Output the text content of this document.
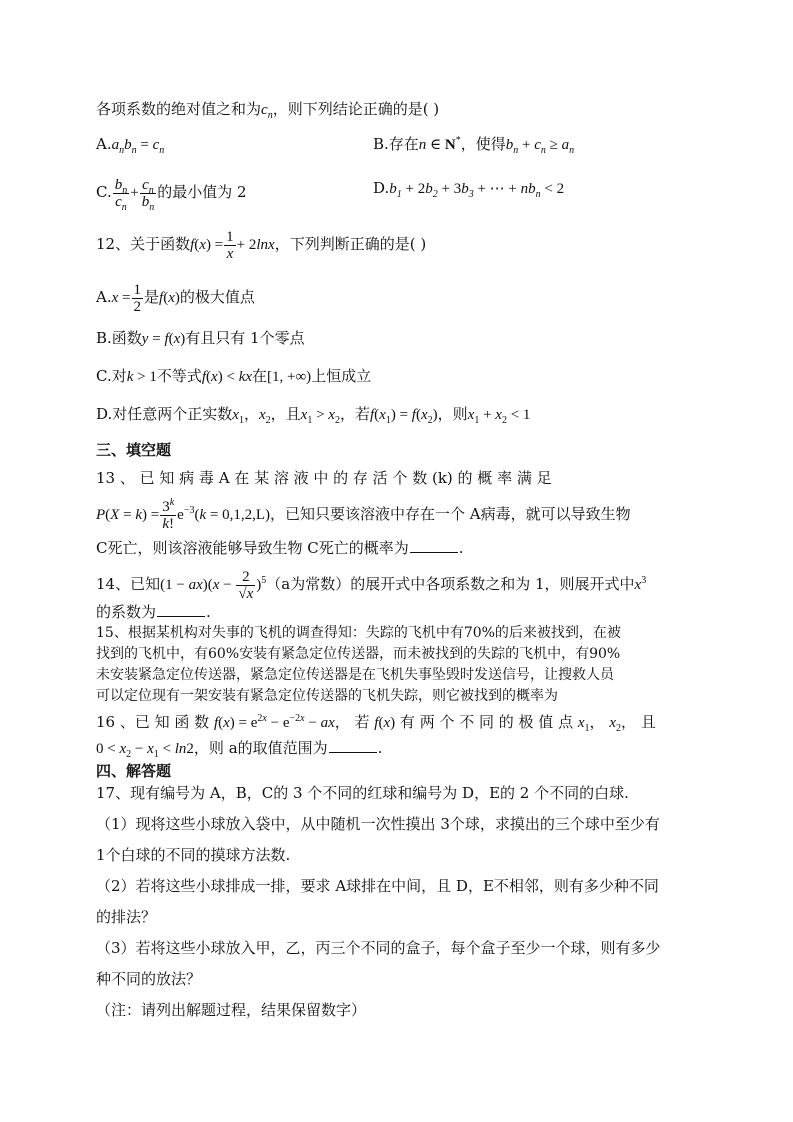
各项系数的绝对值之和为$c_n$，则下列结论正确的是( )
$A.a_nb_n = c_n$	B.存在n ∈ N*，使得$b_n + c_n \ge a_n$
C. $\frac{b_n}{c_n} + \frac{c_n}{b_n}$ 的最小值为 2	$D.b_1 + 2b_2 + 3b_3$ + ⋯ + $nb_n < 2$
12、关于函数$f(x) = \frac{1}{x} + 2\ln x$，下列判断正确的是( )
$A.x = \frac{1}{2}$ 是f(x)的极大值点
B.函数y = f(x)有且只有 1个零点
C.对k > 1不等式f(x) < kx在[1, +∞)上恒成立
D.对任意两个正实数$x_1$，$x_2$，且$x_1 > x_2$，若$f(x_1) = f(x_2)$，则$x_1 + x_2 < 1$
三、填空题
13 、 已 知 病 毒 A 在 某 溶 液 中 的 存 活 个 数 (k) 的 概 率 满 足
$P(X = k) = \frac{3^k}{k!} e^{-3}(k = 0,1,2,L)$，已知只要该溶液中存在一个 A病毒，就可以导致生物
C死亡，则该溶液能够导致生物 C死亡的概率为	.
14、已知$(1 - ax)(x - \frac{2}{√x} )^5(a$为常数）的展开式中各项系数之和为 1，则展开式中$x^3$
的系数为	.
15、根据某机构对失事的飞机的调查得知：失踪的飞机中有70%的后来被找到，在被
找到的飞机中，有60%安装有紧急定位传送器，而未被找到的失踪的飞机中，有90%
未安装紧急定位传送器，紧急定位传送器是在飞机失事坠毁时发送信号，让搜救人员
可以定位现有一架安装有紧急定位传送器的飞机失踪，则它被找到的概率为
16 、已 知 函 数 $f(x) = e^{2x} - e^{-2x}$ − ax， 若 f(x) 有 两 个 不 同 的 极 值 点 $x_1$， $x_2$， 且
$0 < x_2 - x_1 < \ln 2$，则 a的取值范围为	.
四、解答题
17、现有编号为 A，B，C的 3 个不同的红球和编号为 D，E的 2 个不同的白球.
（1）现将这些小球放入袋中，从中随机一次性摸出 3个球，求摸出的三个球中至少有
1个白球的不同的摸球方法数.
（2）若将这些小球排成一排，要求 A球排在中间，且 D，E不相邻，则有多少种不同
的排法？
（3）若将这些小球放入甲，乙，丙三个不同的盒子，每个盒子至少一个球，则有多少
种不同的放法？
（注：请列出解题过程，结果保留数字）
